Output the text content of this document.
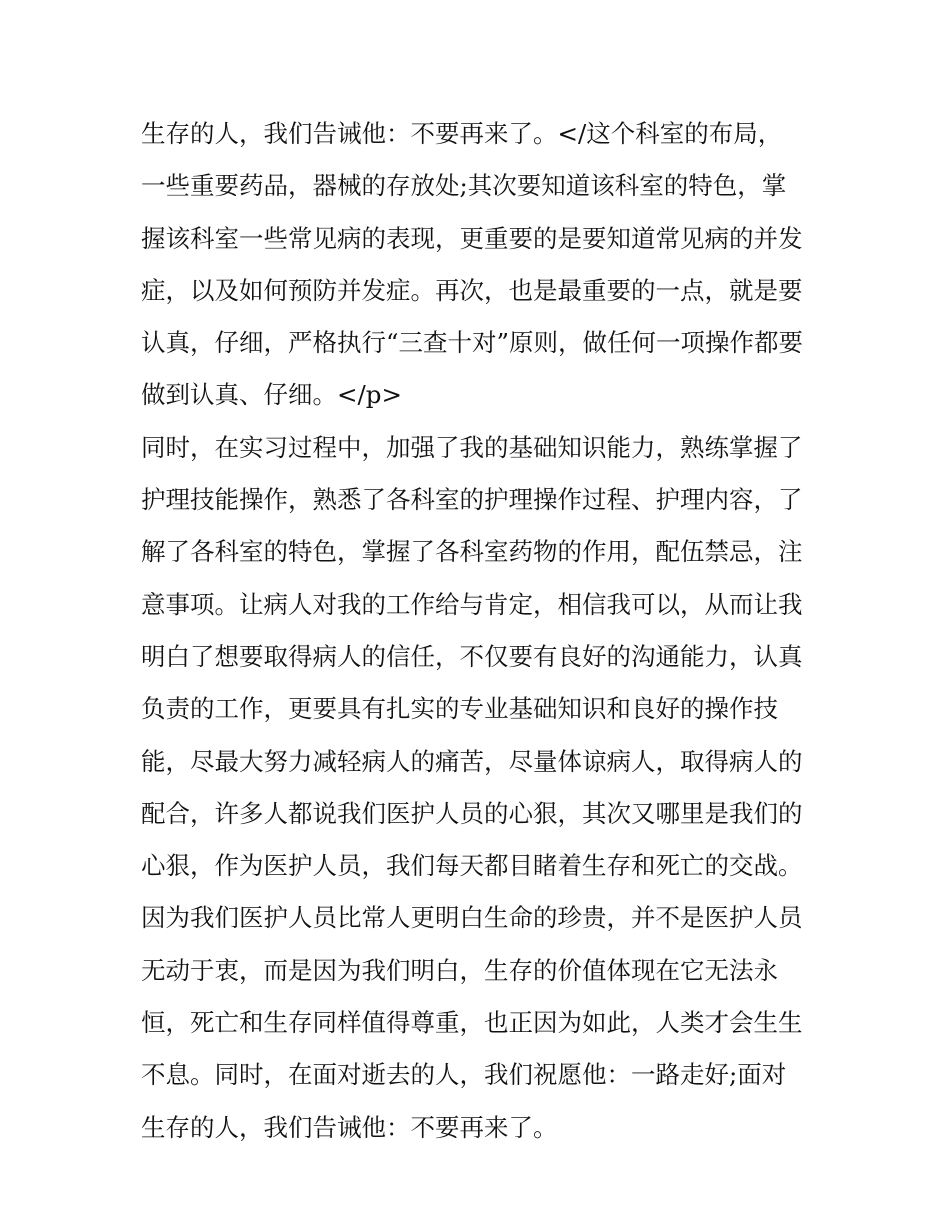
生存的人，我们告诫他：不要再来了。</这个科室的布局，
一些重要药品，器械的存放处;其次要知道该科室的特色，掌
握该科室一些常见病的表现，更重要的是要知道常见病的并发
症，以及如何预防并发症。再次，也是最重要的一点，就是要
认真，仔细，严格执行“三查十对”原则，做任何一项操作都要
做到认真、仔细。</p>
同时，在实习过程中，加强了我的基础知识能力，熟练掌握了
护理技能操作，熟悉了各科室的护理操作过程、护理内容，了
解了各科室的特色，掌握了各科室药物的作用，配伍禁忌，注
意事项。让病人对我的工作给与肯定，相信我可以，从而让我
明白了想要取得病人的信任，不仅要有良好的沟通能力，认真
负责的工作，更要具有扎实的专业基础知识和良好的操作技
能，尽最大努力减轻病人的痛苦，尽量体谅病人，取得病人的
配合，许多人都说我们医护人员的心狠，其次又哪里是我们的
心狠，作为医护人员，我们每天都目睹着生存和死亡的交战。
因为我们医护人员比常人更明白生命的珍贵，并不是医护人员
无动于衷，而是因为我们明白，生存的价值体现在它无法永
恒，死亡和生存同样值得尊重，也正因为如此，人类才会生生
不息。同时，在面对逝去的人，我们祝愿他：一路走好;面对
生存的人，我们告诫他：不要再来了。
